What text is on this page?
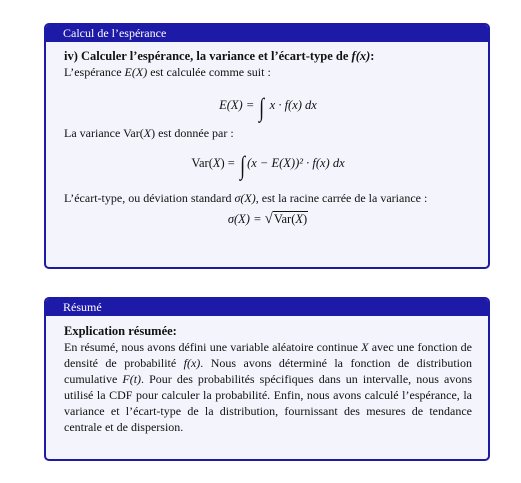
Calcul de l’espérance
iv) Calculer l’espérance, la variance et l’écart-type de f(x):
L’espérance E(X) est calculée comme suit :
E(X) = ∫ x · f(x) dx
La variance Var(X) est donnée par :
Var(X) = ∫ (x − E(X))² · f(x) dx
L’écart-type, ou déviation standard σ(X), est la racine carrée de la variance :
σ(X) = √Var(X)
Résumé
Explication résumée:
En résumé, nous avons défini une variable aléatoire continue X avec une fonction de densité de probabilité f(x). Nous avons déterminé la fonction de distribution cumulative F(t). Pour des probabilités spécifiques dans un intervalle, nous avons utilisé la CDF pour calculer la probabilité. Enfin, nous avons calculé l’espérance, la variance et l’écart-type de la distribution, fournissant des mesures de tendance centrale et de dispersion.
